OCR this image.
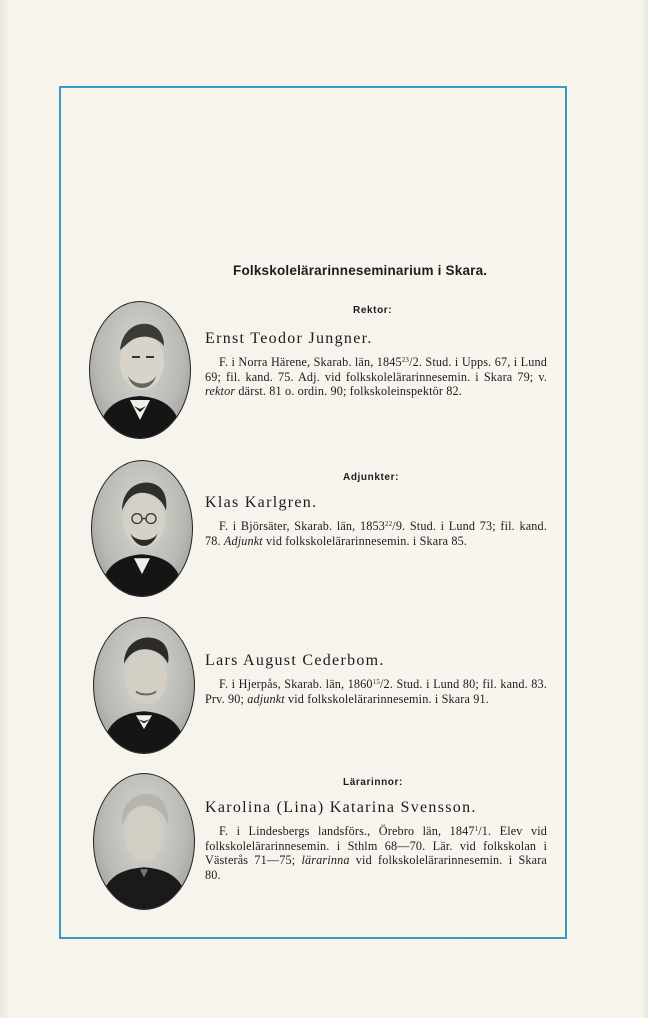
Folkskolelärarinneseminarium i Skara.
Rektor:
Ernst Teodor Jungner.
F. i Norra Härene, Skarab. län, 1845$^{23}$/2. Stud. i Upps. 67, i Lund 69; fil. kand. 75. Adj. vid folkskolelärarinnesemin. i Skara 79; v. rektor därst. 81 o. ordin. 90; folkskoleinspektör 82.
Adjunkter:
Klas Karlgren.
F. i Björsäter, Skarab. län, 1853$^{22}$/9. Stud. i Lund 73; fil. kand. 78. Adjunkt vid folkskolelärarinnesemin. i Skara 85.
Lars August Cederbom.
F. i Hjerpås, Skarab. län, 1860$^{15}$/2. Stud. i Lund 80; fil. kand. 83. Prv. 90; adjunkt vid folkskolelärarinnesemin. i Skara 91.
Lärarinnor:
Karolina (Lina) Katarina Svensson.
F. i Lindesbergs landsförs., Örebro län, 1847$^1$/1. Elev vid folkskolelärarinnesemin. i Sthlm 68—70. Lär. vid folkskolan i Västerås 71—75; lärarinna vid folkskolelärarinnesemin. i Skara 80.
